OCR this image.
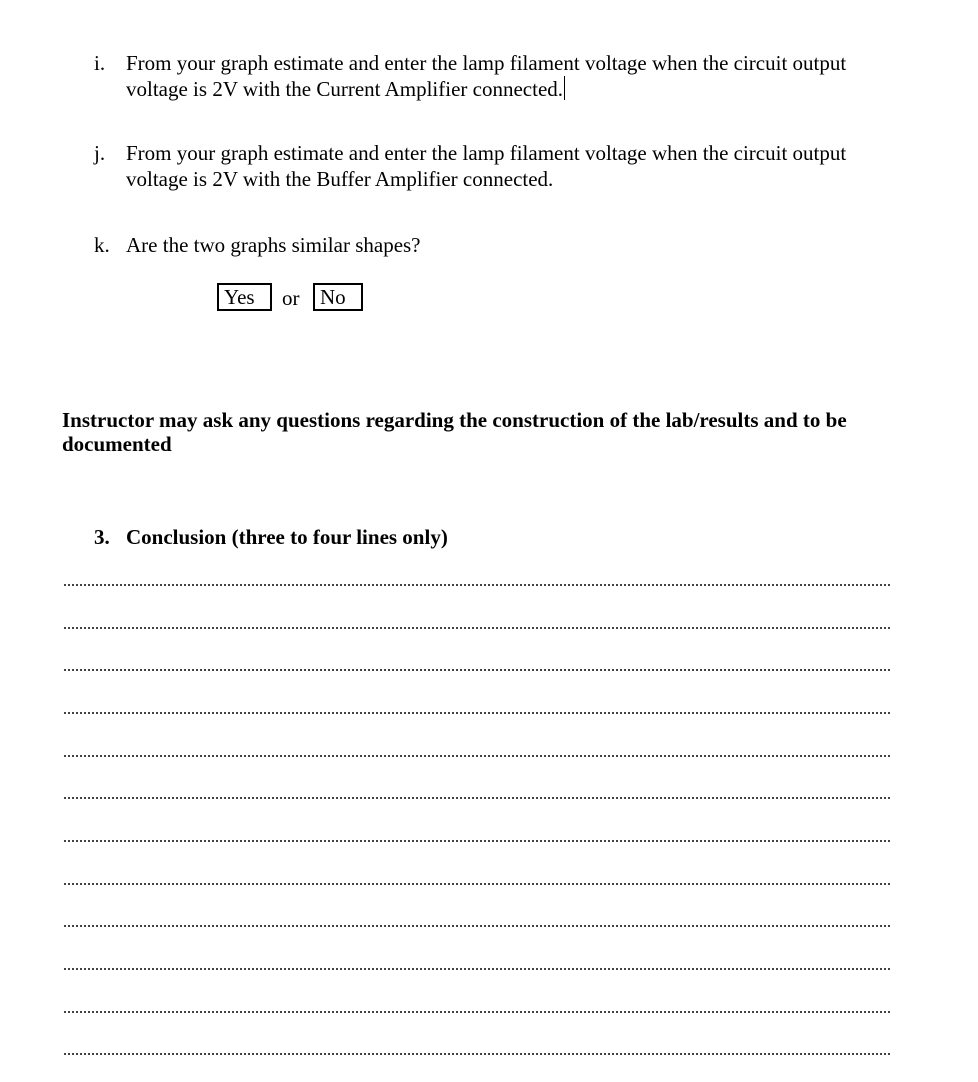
i. From your graph estimate and enter the lamp filament voltage when the circuit output voltage is 2V with the Current Amplifier connected.
j. From your graph estimate and enter the lamp filament voltage when the circuit output voltage is 2V with the Buffer Amplifier connected.
k. Are the two graphs similar shapes?
Yes	or No
Instructor may ask any questions regarding the construction of the lab/results and to be documented
3. Conclusion (three to four lines only)
